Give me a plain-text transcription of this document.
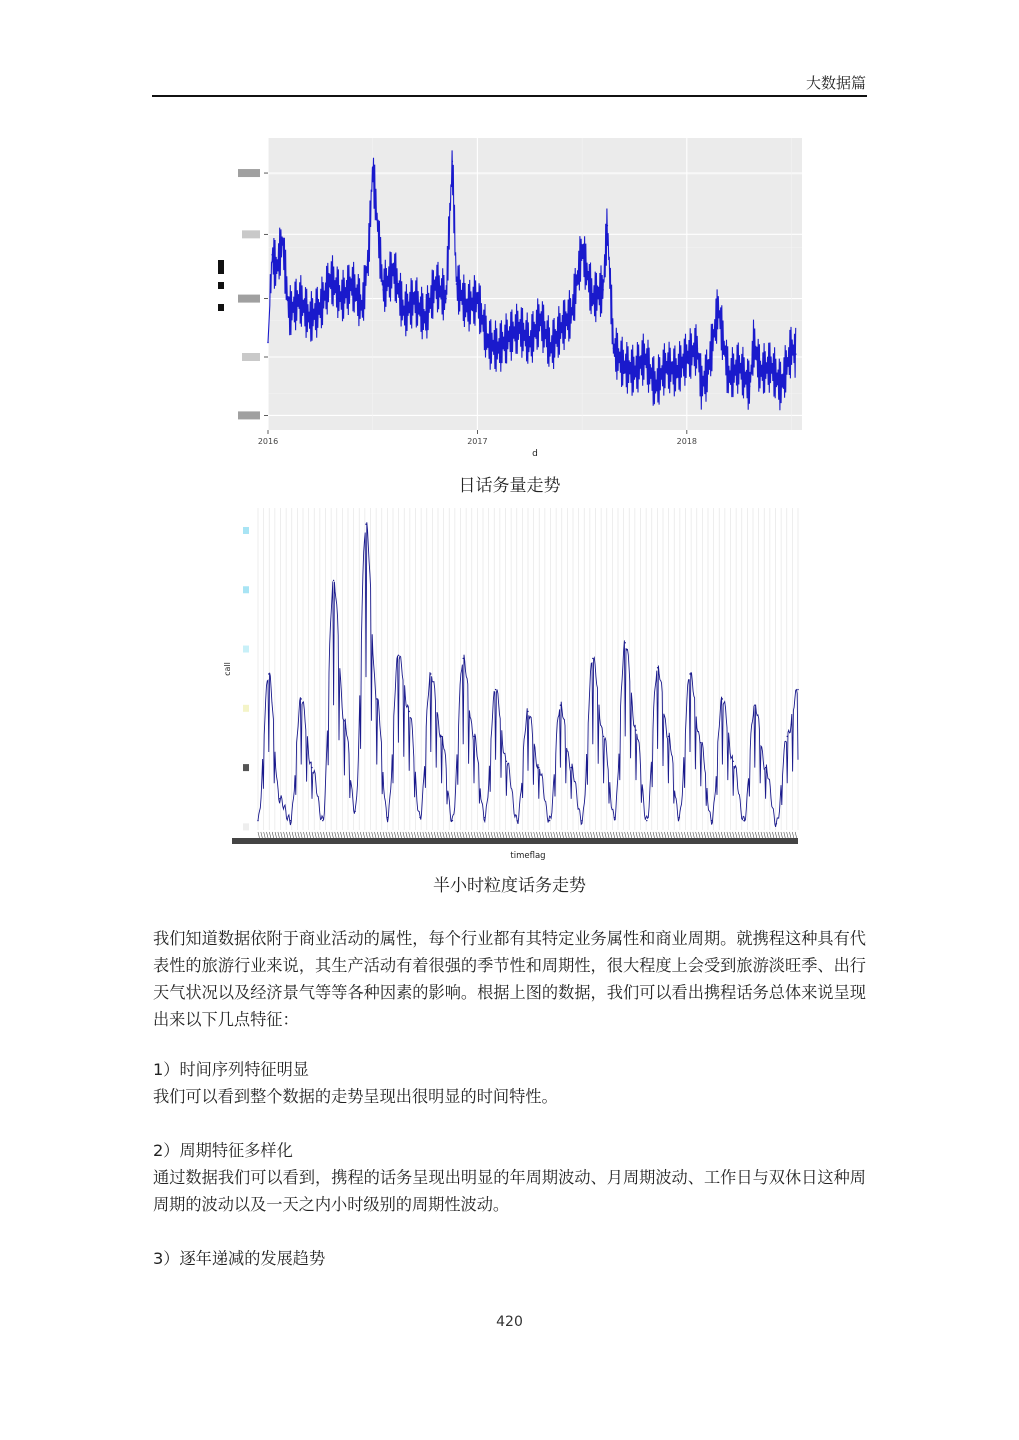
大数据篇
2016	2017	2018
d
日话务量走势
call
timeflag
半小时粒度话务走势

我们知道数据依附于商业活动的属性，每个行业都有其特定业务属性和商业周期。就携程这种具有代表性的旅游行业来说，其生产活动有着很强的季节性和周期性，很大程度上会受到旅游淡旺季、出行天气状况以及经济景气等等各种因素的影响。根据上图的数据，我们可以看出携程话务总体来说呈现出来以下几点特征：

1）时间序列特征明显

我们可以看到整个数据的走势呈现出很明显的时间特性。

2）周期特征多样化

通过数据我们可以看到，携程的话务呈现出明显的年周期波动、月周期波动、工作日与双休日这种周周期的波动以及一天之内小时级别的周期性波动。

3）逐年递减的发展趋势

420
